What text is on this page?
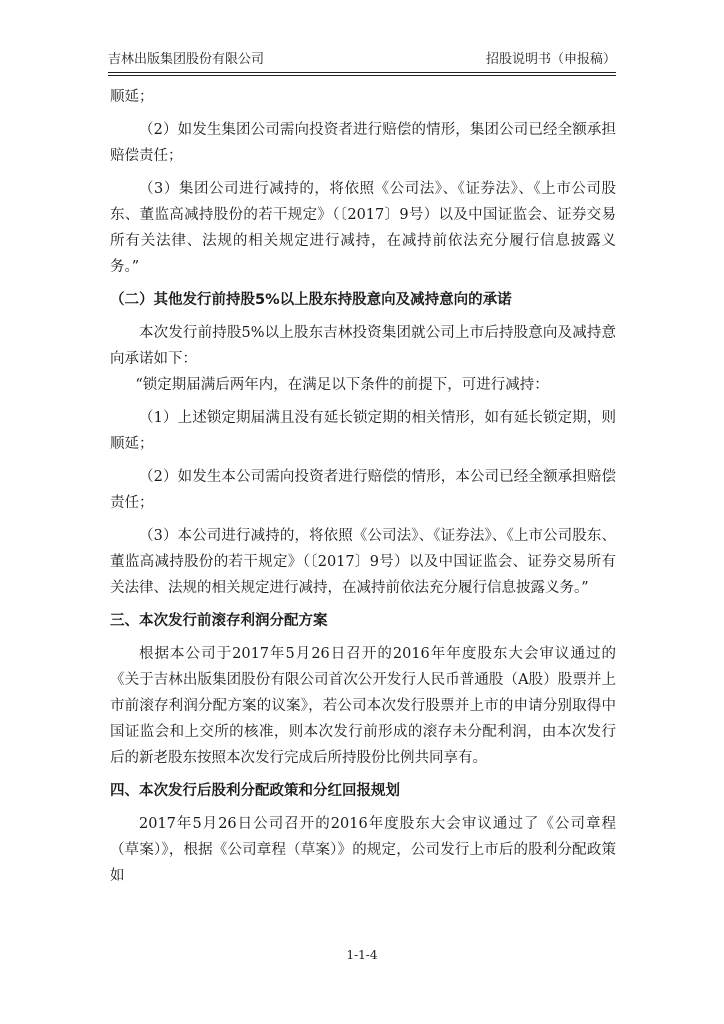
吉林出版集团股份有限公司	招股说明书（申报稿）

顺延；

（2）如发生集团公司需向投资者进行赔偿的情形，集团公司已经全额承担赔偿责任；

（3）集团公司进行减持的，将依照《公司法》、《证券法》、《上市公司股东、董监高减持股份的若干规定》（〔2017〕9号）以及中国证监会、证券交易所有关法律、法规的相关规定进行减持，在减持前依法充分履行信息披露义务。”

（二）其他发行前持股5%以上股东持股意向及减持意向的承诺

本次发行前持股5%以上股东吉林投资集团就公司上市后持股意向及减持意向承诺如下：

“锁定期届满后两年内，在满足以下条件的前提下，可进行减持：

（1）上述锁定期届满且没有延长锁定期的相关情形，如有延长锁定期，则顺延；

（2）如发生本公司需向投资者进行赔偿的情形，本公司已经全额承担赔偿责任；

（3）本公司进行减持的，将依照《公司法》、《证券法》、《上市公司股东、董监高减持股份的若干规定》（〔2017〕9号）以及中国证监会、证券交易所有关法律、法规的相关规定进行减持，在减持前依法充分履行信息披露义务。”

三、本次发行前滚存利润分配方案

根据本公司于2017年5月26日召开的2016年年度股东大会审议通过的《关于吉林出版集团股份有限公司首次公开发行人民币普通股（A股）股票并上市前滚存利润分配方案的议案》，若公司本次发行股票并上市的申请分别取得中国证监会和上交所的核准，则本次发行前形成的滚存未分配利润，由本次发行后的新老股东按照本次发行完成后所持股份比例共同享有。

四、本次发行后股利分配政策和分红回报规划

2017年5月26日公司召开的2016年度股东大会审议通过了《公司章程（草案）》，根据《公司章程（草案）》的规定，公司发行上市后的股利分配政策如

1-1-4
